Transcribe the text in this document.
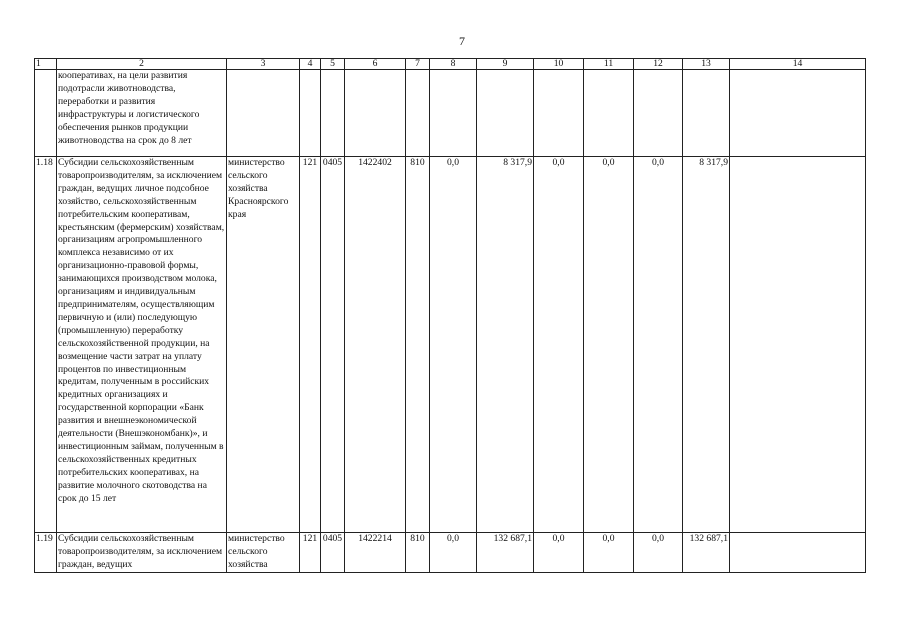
7
1	2	3	4	5	6	7	8	9	10	11	12	13	14
	кооперативах, на цели развития подотрасли животноводства, переработки и развития инфраструктуры и логистического обеспечения рынков продукции животноводства на срок до 8 лет												
1.18	Субсидии сельскохозяйственным товаропроизводителям, за исключением граждан, ведущих личное подсобное хозяйство, сельскохозяйственным потребительским кооперативам, крестьянским (фермерским) хозяйствам, организациям агропромышленного комплекса независимо от их организационно-правовой формы, занимающихся производством молока, организациям и индивидуальным предпринимателям, осуществляющим первичную и (или) последующую (промышленную) переработку сельскохозяйственной продукции, на возмещение части затрат на уплату процентов по инвестиционным кредитам, полученным в российских кредитных организациях и государственной корпорации «Банк развития и внешнеэкономической деятельности (Внешэкономбанк)», и инвестиционным займам, полученным в сельскохозяйственных кредитных потребительских кооперативах, на развитие молочного скотоводства на срок до 15 лет	министерство сельского хозяйства Красноярского края	121	0405	1422402	810	0,0	8 317,9	0,0	0,0	0,0	8 317,9	
1.19	Субсидии сельскохозяйственным товаропроизводителям, за исключением граждан, ведущих	министерство сельского хозяйства	121	0405	1422214	810	0,0	132 687,1	0,0	0,0	0,0	132 687,1	
